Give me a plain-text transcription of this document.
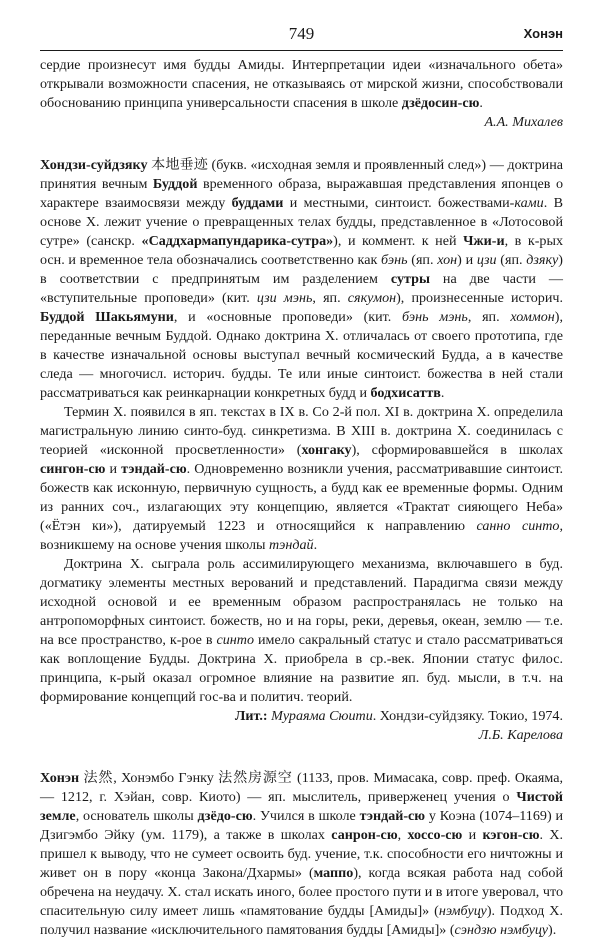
749	Хонэн

сердие произнесут имя будды Амиды. Интерпретации идеи «изначального обета» открывали возможности спасения, не отказываясь от мирской жизни, способствовали обоснованию принципа универсальности спасения в школе дзёдосин-сю.

А.А. Михалев

Хондзи-суйдзяку 本地垂迹 (букв. «исходная земля и проявленный след») — доктрина принятия вечным Буддой временного образа, выражавшая представления японцев о характере взаимосвязи между буддами и местными, синтоист. божествами-ками. В основе Х. лежит учение о превращенных телах будды, представленное в «Лотосовой сутре» (санскр. «Саддхармапундарика-сутра»), и коммент. к ней Чжи-и, в к-рых осн. и временное тела обозначались соответственно как бэнь (яп. хон) и цзи (яп. дзяку) в соответствии с предпринятым им разделением сутры на две части — «вступительные проповеди» (кит. цзи мэнь, яп. сякумон), произнесенные историч. Буддой Шакьямуни, и «основные проповеди» (кит. бэнь мэнь, яп. хоммон), переданные вечным Буддой. Однако доктрина Х. отличалась от своего прототипа, где в качестве изначальной основы выступал вечный космический Будда, а в качестве следа — многочисл. историч. будды. Те или иные синтоист. божества в ней стали рассматриваться как реинкарнации конкретных будд и бодхисаттв.

Термин Х. появился в яп. текстах в IX в. Со 2-й пол. XI в. доктрина Х. определила магистральную линию синто-буд. синкретизма. В XIII в. доктрина Х. соединилась с теорией «исконной просветленности» (хонгаку), сформировавшейся в школах сингон-сю и тэндай-сю. Одновременно возникли учения, рассматривавшие синтоист. божеств как исконную, первичную сущность, а будд как ее временные формы. Одним из ранних соч., излагающих эту концепцию, является «Трактат сияющего Неба» («Ётэн ки»), датируемый 1223 и относящийся к направлению санно синто, возникшему на основе учения школы тэндай.

Доктрина Х. сыграла роль ассимилирующего механизма, включавшего в буд. догматику элементы местных верований и представлений. Парадигма связи между исходной основой и ее временным образом распространялась не только на антропоморфных синтоист. божеств, но и на горы, реки, деревья, океан, землю — т.е. на все пространство, к-рое в синто имело сакральный статус и стало рассматриваться как воплощение Будды. Доктрина Х. приобрела в ср.-век. Японии статус филос. принципа, к-рый оказал огромное влияние на развитие яп. буд. мысли, в т.ч. на формирование концепций гос-ва и политич. теорий.

Лит.: Мураяма Сюити. Хондзи-суйдзяку. Токио, 1974.

Л.Б. Карелова

Хонэн 法然, Хонэмбо Гэнку 法然房源空 (1133, пров. Мимасака, совр. преф. Окаяма, — 1212, г. Хэйан, совр. Киото) — яп. мыслитель, приверженец учения о Чистой земле, основатель школы дзёдо-сю. Учился в школе тэндай-сю у Коэна (1074–1169) и Дзигэмбо Эйку (ум. 1179), а также в школах санрон-сю, хоссо-сю и кэгон-сю. Х. пришел к выводу, что не сумеет освоить буд. учение, т.к. способности его ничтожны и живет он в пору «конца Закона/Дхармы» (маппо), когда всякая работа над собой обречена на неудачу. Х. стал искать иного, более простого пути и в итоге уверовал, что спасительную силу имеет лишь «памятование будды [Амиды]» (нэмбуцу). Подход Х. получил название «исключительного памятования будды [Амиды]» (сэндзю нэмбуцу).
